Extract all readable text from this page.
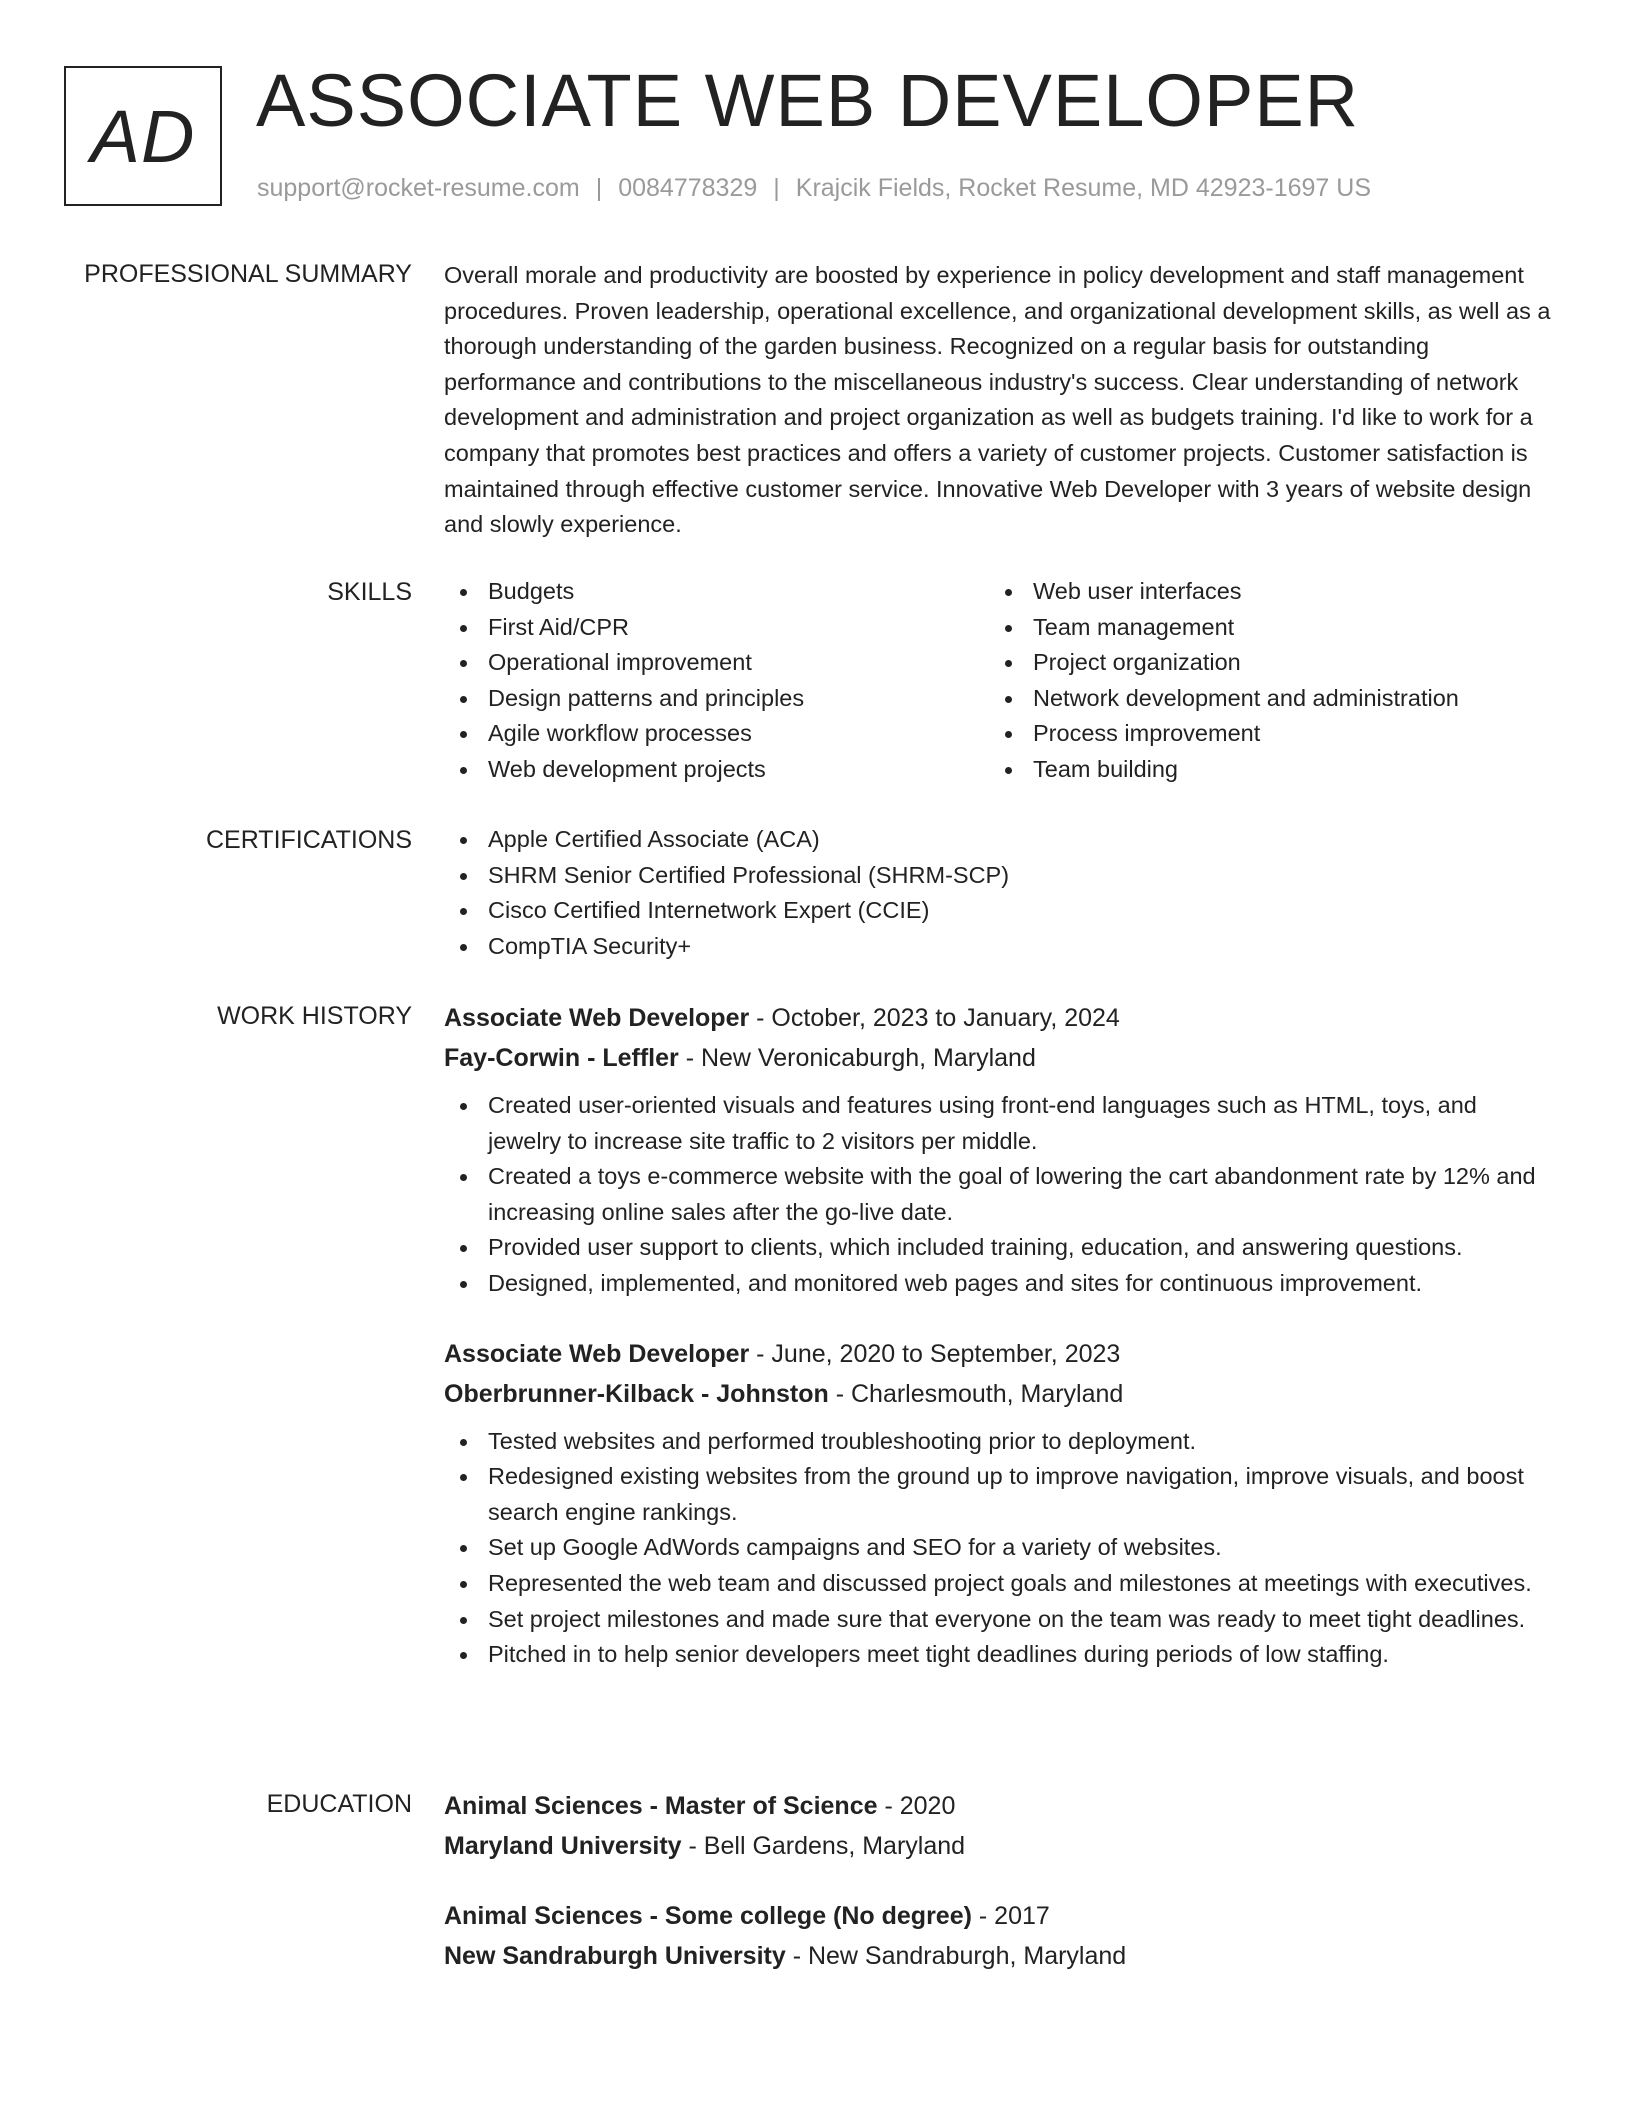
AD ASSOCIATE WEB DEVELOPER
support@rocket-resume.com | 0084778329 | Krajcik Fields, Rocket Resume, MD 42923-1697 US
PROFESSIONAL SUMMARY Overall morale and productivity are boosted by experience in policy development and staff management procedures. Proven leadership, operational excellence, and organizational development skills, as well as a thorough understanding of the garden business. Recognized on a regular basis for outstanding performance and contributions to the miscellaneous industry's success. Clear understanding of network development and administration and project organization as well as budgets training. I'd like to work for a company that promotes best practices and offers a variety of customer projects. Customer satisfaction is maintained through effective customer service. Innovative Web Developer with 3 years of website design and slowly experience.

SKILLS	Budgets
First Aid/CPR
Operational improvement
Design patterns and principles
Agile workflow processes
Web development projects
Web user interfaces
Team management
Project organization
Network development and administration
Process improvement
Team building
CERTIFICATIONS	Apple Certified Associate (ACA)
SHRM Senior Certified Professional (SHRM-SCP)
Cisco Certified Internetwork Expert (CCIE)
CompTIA Security+
WORK HISTORY Associate Web Developer - October, 2023 to January, 2024
Fay-Corwin - Leffler - New Veronicaburgh, Maryland
Created user-oriented visuals and features using front-end languages such as HTML, toys, and jewelry to increase site traffic to 2 visitors per middle.
Created a toys e-commerce website with the goal of lowering the cart abandonment rate by 12% and increasing online sales after the go-live date.
Provided user support to clients, which included training, education, and answering questions.
Designed, implemented, and monitored web pages and sites for continuous improvement.
Associate Web Developer - June, 2020 to September, 2023
Oberbrunner-Kilback - Johnston - Charlesmouth, Maryland
Tested websites and performed troubleshooting prior to deployment.
Redesigned existing websites from the ground up to improve navigation, improve visuals, and boost search engine rankings.
Set up Google AdWords campaigns and SEO for a variety of websites.
Represented the web team and discussed project goals and milestones at meetings with executives.
Set project milestones and made sure that everyone on the team was ready to meet tight deadlines.
Pitched in to help senior developers meet tight deadlines during periods of low staffing.
EDUCATION Animal Sciences - Master of Science - 2020
Maryland University - Bell Gardens, Maryland
Animal Sciences - Some college (No degree) - 2017
New Sandraburgh University - New Sandraburgh, Maryland
